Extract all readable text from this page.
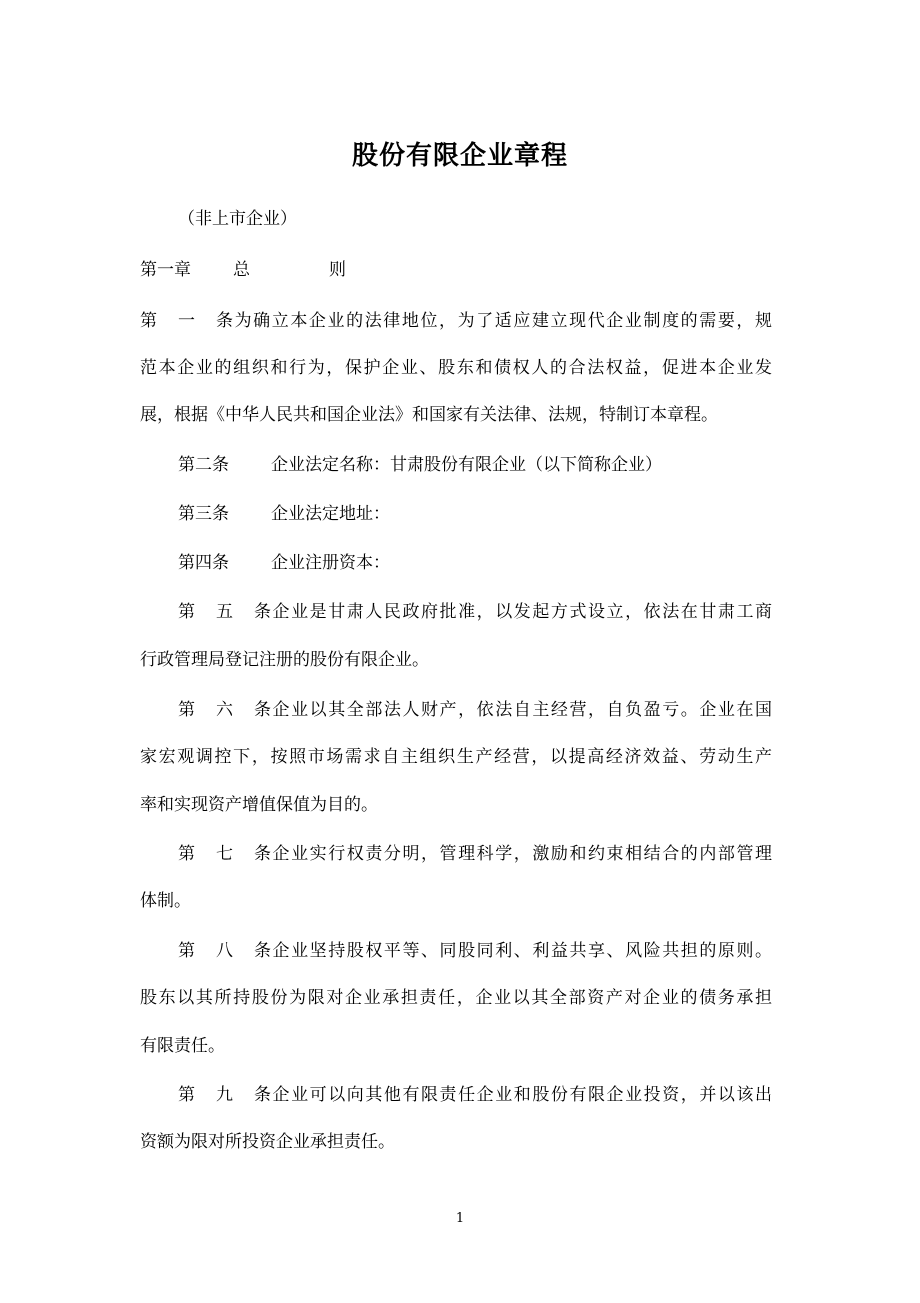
股份有限企业章程
（非上市企业）
第一章 总	则
第一条为确立本企业的法律地位，为了适应建立现代企业制度的需要，规
范本企业的组织和行为，保护企业、股东和债权人的合法权益，促进本企业发
展，根据《中华人民共和国企业法》和国家有关法律、法规，特制订本章程。
第二条 企业法定名称：甘肃股份有限企业（以下简称企业）
第三条 企业法定地址：
第四条 企业注册资本：
第五条企业是甘肃人民政府批准，以发起方式设立，依法在甘肃工商
行政管理局登记注册的股份有限企业。
第六条企业以其全部法人财产，依法自主经营，自负盈亏。企业在国
家宏观调控下，按照市场需求自主组织生产经营，以提高经济效益、劳动生产
率和实现资产增值保值为目的。
第七条企业实行权责分明，管理科学，激励和约束相结合的内部管理
体制。
第八条企业坚持股权平等、同股同利、利益共享、风险共担的原则。
股东以其所持股份为限对企业承担责任，企业以其全部资产对企业的债务承担
有限责任。
第九条企业可以向其他有限责任企业和股份有限企业投资，并以该出
资额为限对所投资企业承担责任。
1
